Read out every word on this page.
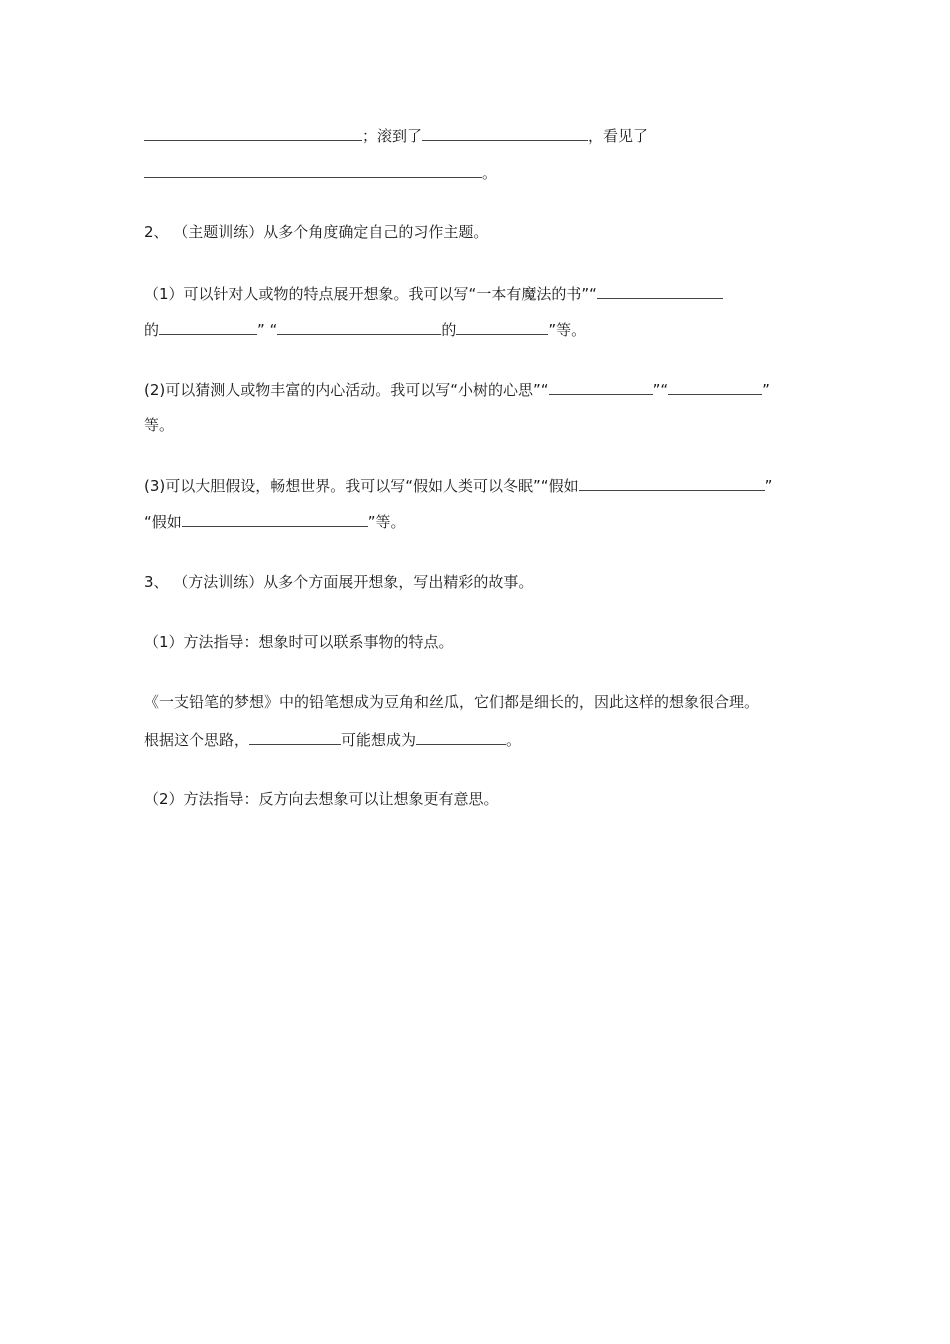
；滚到了	，看见了
。
2、 （主题训练）从多个角度确定自己的习作主题。
（1）可以针对人或物的特点展开想象。我可以写“一本有魔法的书”“
的	” “	的	”等。
(2)可以猜测人或物丰富的内心活动。我可以写“小树的心思”“	”“	”
等。
(3)可以大胆假设，畅想世界。我可以写“假如人类可以冬眠”“假如	”
“假如	”等。
3、 （方法训练）从多个方面展开想象，写出精彩的故事。
（1）方法指导：想象时可以联系事物的特点。
《一支铅笔的梦想》中的铅笔想成为豆角和丝瓜，它们都是细长的，因此这样的想象很合理。
根据这个思路，	可能想成为	。
（2）方法指导：反方向去想象可以让想象更有意思。
